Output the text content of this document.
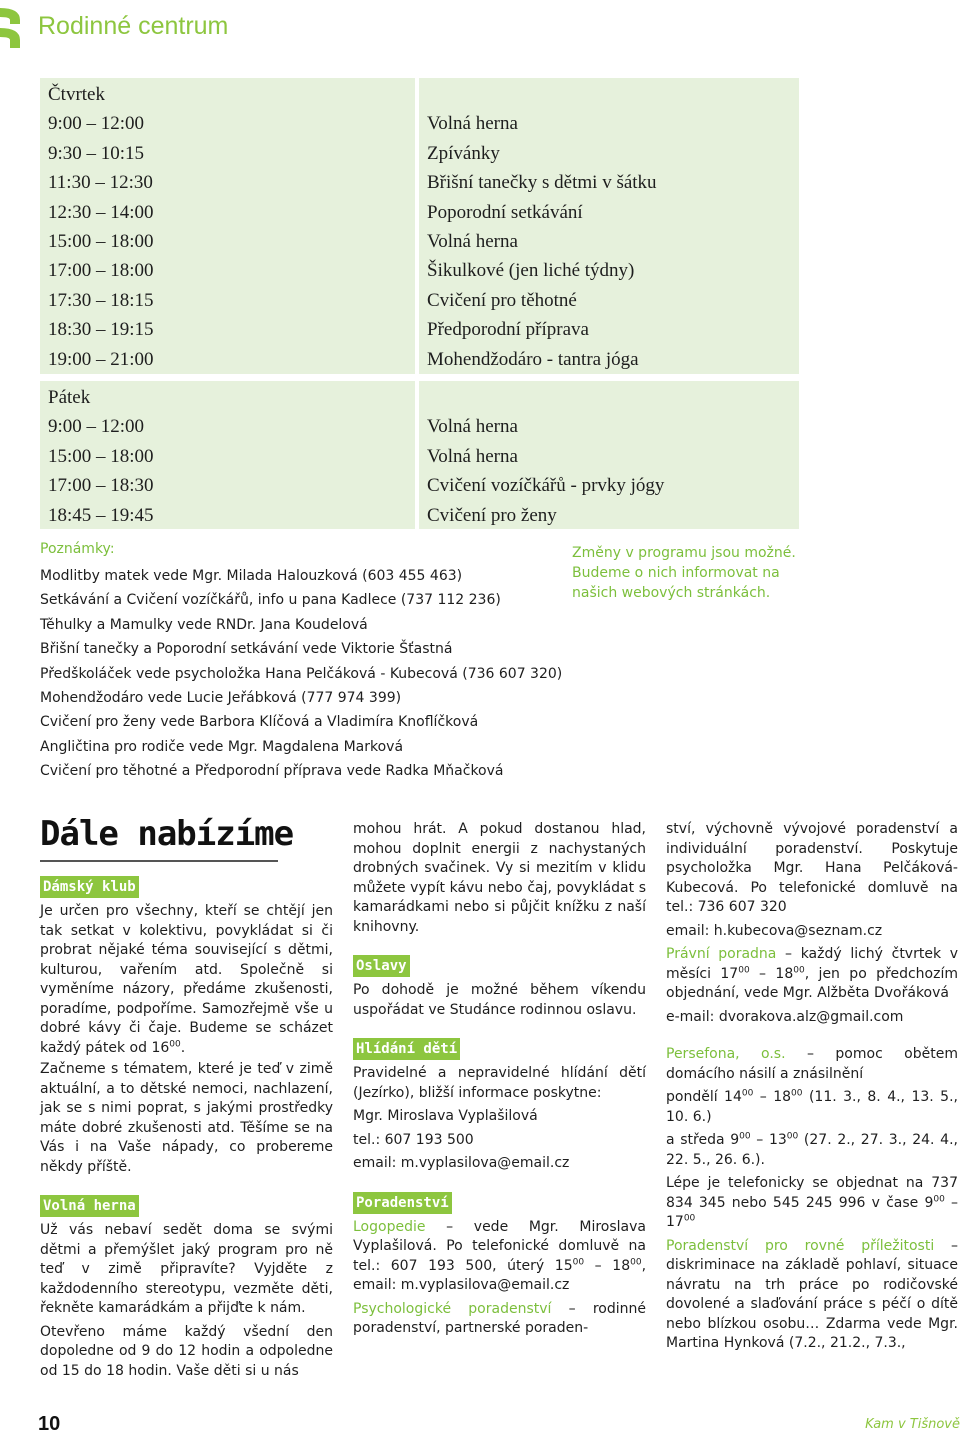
Rodinné centrum
Čtvrtek
9:00 – 12:00
9:30 – 10:15
11:30 – 12:30
12:30 – 14:00
15:00 – 18:00
17:00 – 18:00
17:30 – 18:15
18:30 – 19:15
19:00 – 21:00
Volná herna
Zpívánky
Břišní tanečky s dětmi v šátku
Poporodní setkávání
Volná herna
Šikulkové (jen liché týdny)
Cvičení pro těhotné
Předporodní příprava
Mohendžodáro - tantra jóga
Pátek
9:00 – 12:00
15:00 – 18:00
17:00 – 18:30
18:45 – 19:45
Volná herna
Volná herna
Cvičení vozíčkářů - prvky jógy
Cvičení pro ženy
Poznámky:
Modlitby matek vede Mgr. Milada Halouzková (603 455 463)
Setkávání a Cvičení vozíčkářů, info u pana Kadlece (737 112 236)
Těhulky a Mamulky vede RNDr. Jana Koudelová
Břišní tanečky a Poporodní setkávání vede Viktorie Šťastná
Předškoláček vede psycholožka Hana Pelčáková - Kubecová (736 607 320)
Mohendžodáro vede Lucie Jeřábková (777 974 399)
Cvičení pro ženy vede Barbora Klíčová a Vladimíra Knoflíčková
Angličtina pro rodiče vede Mgr. Magdalena Marková
Cvičení pro těhotné a Předporodní příprava vede Radka Mňačková
Změny v programu jsou možné.
Budeme o nich informovat na
našich webových stránkách.
Dále nabízíme
Dámský klub

Je určen pro všechny, kteří se chtějí jen tak setkat v kolektivu, povykládat si či probrat nějaké téma související s dětmi, kulturou, vařením atd. Společně si vyměníme názory, předáme zkušenosti, poradíme, podpoříme. Samozřejmě vše u dobré kávy či čaje. Budeme se scházet každý pátek od $16^{00}$.

Začneme s tématem, které je teď v zimě aktuální, a to dětské nemoci, nachlazení, jak se s nimi poprat, s jakými prostředky máte dobré zkušenosti atd. Těšíme se na Vás i na Vaše nápady, co probereme někdy příště.

Volná herna

Už vás nebaví sedět doma se svými dětmi a přemýšlet jaký program pro ně teď v zimě připravíte? Vyjděte z každodenního stereotypu, vezměte děti, řekněte kamarádkám a přijďte k nám.

Otevřeno máme každý všední den dopoledne od 9 do 12 hodin a odpoledne od 15 do 18 hodin. Vaše děti si u nás

mohou hrát. A pokud dostanou hlad, mohou doplnit energii z nachystaných drobných svačinek. Vy si mezitím v klidu můžete vypít kávu nebo čaj, povykládat s kamarádkami nebo si půjčit knížku z naší knihovny.

Oslavy

Po dohodě je možné během víkendu uspořádat ve Studánce rodinnou oslavu.

Hlídání dětí

Pravidelné a nepravidelné hlídání dětí (Jezírko), bližší informace poskytne:

Mgr. Miroslava Vyplašilová

tel.: 607 193 500

email: m.vyplasilova@email.cz

Poradenství

Logopedie – vede Mgr. Miroslava Vyplašilová. Po telefonické domluvě na tel.: 607 193 500, úterý $15^{00} - 18^{00}$, email: m.vyplasilova@email.cz

Psychologické poradenství – rodinné poradenství, partnerské poraden-

ství, výchovně vývojové poradenství a individuální poradenství. Poskytuje psycholožka Mgr. Hana Pelčáková-Kubecová. Po telefonické domluvě na tel.: 736 607 320

email: h.kubecova@seznam.cz

Právní poradna – každý lichý čtvrtek v měsíci $17^{00} - 18^{00}$, jen po předchozím objednání, vede Mgr. Alžběta Dvořáková

e-mail: dvorakova.alz@gmail.com

Persefona, o.s. – pomoc obětem domácího násilí a znásilnění

pondělí $14^{00} - 18^{00}$ (11. 3., 8. 4., 13. 5., 10. 6.)

a středa $9^{00} - 13^{00}$ (27. 2., 27. 3., 24. 4., 22. 5., 26. 6.).

Lépe je telefonicky se objednat na 737 834 345 nebo 545 245 996 v čase $9^{00} - 17^{00}$

Poradenství pro rovné příležitosti – diskriminace na základě pohlaví, situace návratu na trh práce po rodičovské dovolené a slaďování práce s péčí o dítě nebo blízkou osobu… Zdarma vede Mgr. Martina Hynková (7.2., 21.2., 7.3.,

10	Kam v Tišnově
